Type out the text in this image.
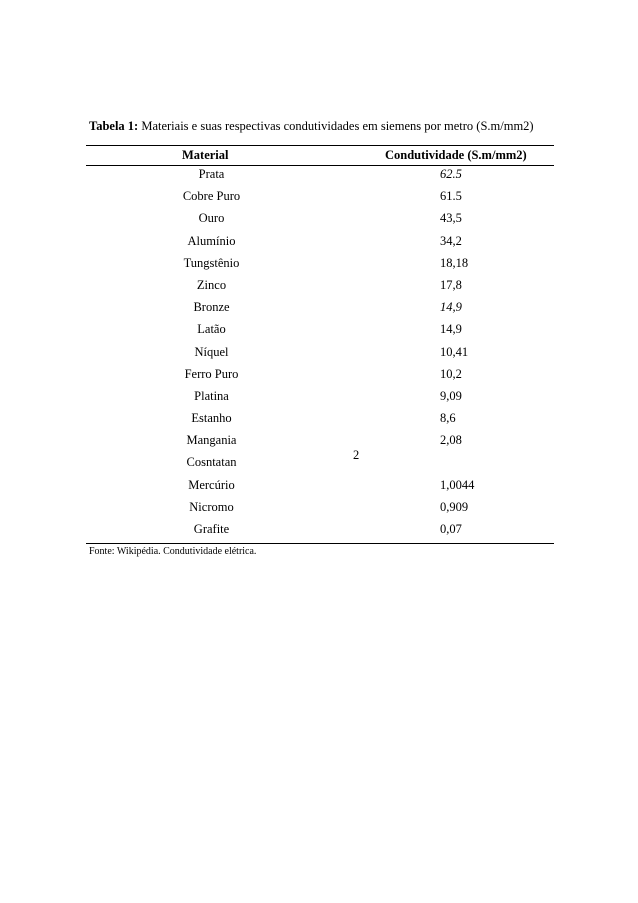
Tabela 1: Materiais e suas respectivas condutividades em siemens por metro (S.m/mm2)
Material	Condutividade (S.m/mm2)
Prata	62.5
Cobre Puro	61.5
Ouro	43,5
Alumínio	34,2
Tungstênio	18,18
Zinco	17,8
Bronze	14,9
Latão	14,9
Níquel	10,41
Ferro Puro	10,2
Platina	9,09
Estanho	8,6
Mangania	2,08
Cosntatan	2
Mercúrio	1,0044
Nicromo	0,909
Grafite	0,07
Fonte: Wikipédia. Condutividade elétrica.
